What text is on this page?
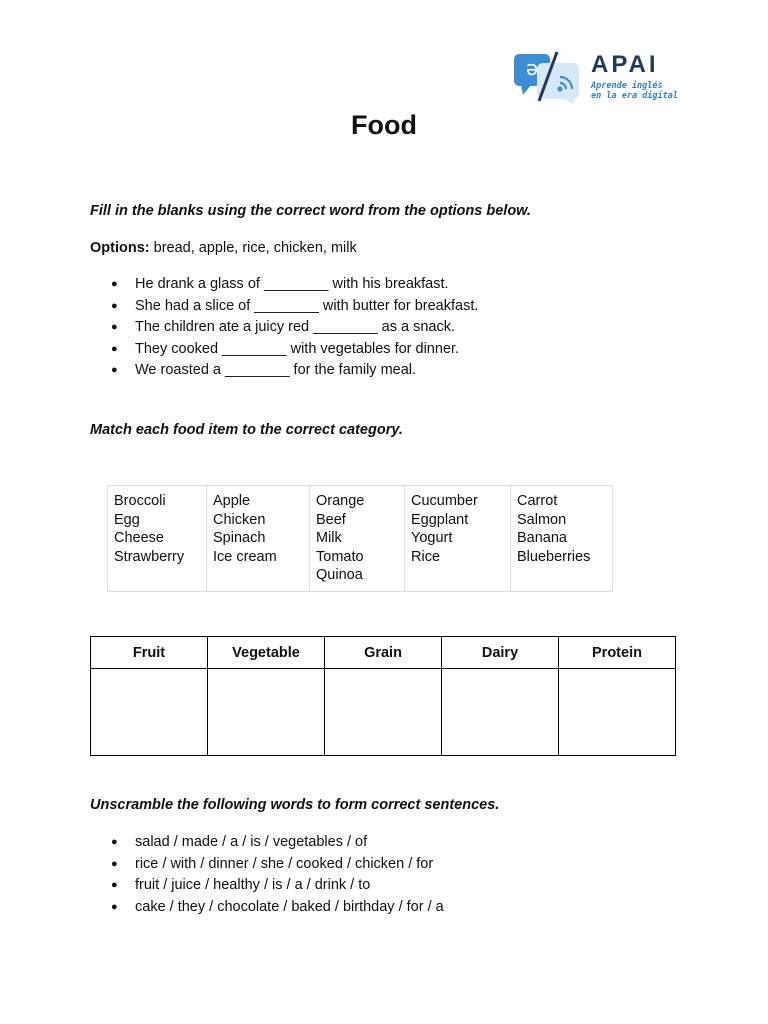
ə APAI
Aprende inglés
en la era digital
Food
Fill in the blanks using the correct word from the options below.
Options: bread, apple, rice, chicken, milk
● He drank a glass of ________ with his breakfast.
● She had a slice of ________ with butter for breakfast.
● The children ate a juicy red ________ as a snack.
● They cooked ________ with vegetables for dinner.
● We roasted a ________ for the family meal.
Match each food item to the correct category.
Broccoli
Egg
Cheese
Strawberry

Apple
Chicken
Spinach
Ice cream

Orange
Beef
Milk
Tomato
Quinoa

Cucumber
Eggplant
Yogurt
Rice

Carrot
Salmon
Banana
Blueberries
Fruit	Vegetable	Grain	Dairy	Protein

Unscramble the following words to form correct sentences.
● salad / made / a / is / vegetables / of
● rice / with / dinner / she / cooked / chicken / for
● fruit / juice / healthy / is / a / drink / to
● cake / they / chocolate / baked / birthday / for / a
